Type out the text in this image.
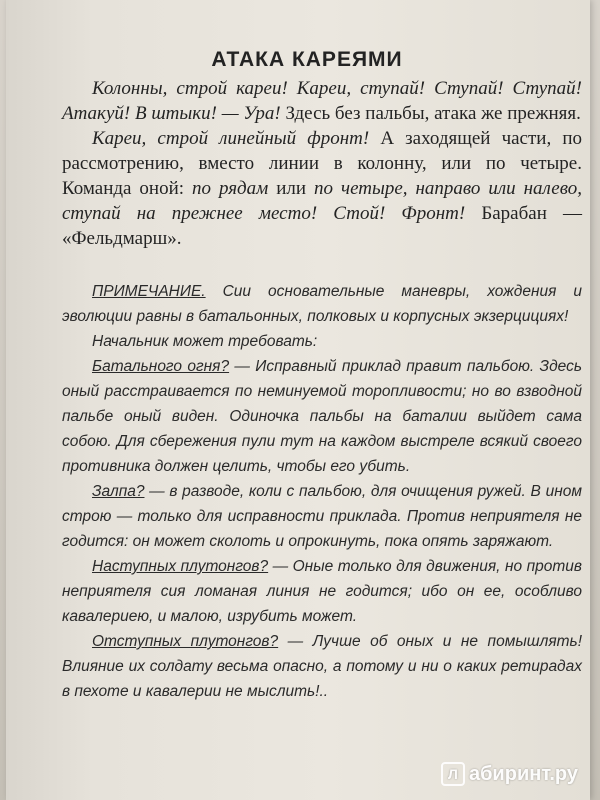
АТАКА КАРЕЯМИ

Колонны, строй кареи! Кареи, ступай! Ступай! Ступай! Атакуй! В штыки! — Ура! Здесь без пальбы, атака же прежняя.

Кареи, строй линейный фронт! А заходящей части, по рассмотрению, вместо линии в колонну, или по четыре. Команда оной: по рядам или по четыре, направо или налево, ступай на прежнее место! Стой! Фронт! Барабан — «Фельдмарш».

ПРИМЕЧАНИЕ. Сии основательные маневры, хождения и эволюции равны в батальонных, полковых и корпусных экзерцициях!

Начальник может требовать:

Батального огня? — Исправный приклад правит пальбою. Здесь оный расстраивается по неминуемой торопливости; но во взводной пальбе оный виден. Одиночка пальбы на баталии выйдет сама собою. Для сбережения пули тут на каждом выстреле всякий своего противника должен целить, чтобы его убить.

Залпа? — в разводе, коли с пальбою, для очищения ружей. В ином строю — только для исправности приклада. Против неприятеля не годится: он может сколоть и опрокинуть, пока опять заряжают.

Наступных плутонгов? — Оные только для движения, но против неприятеля сия ломаная линия не годится; ибо он ее, особливо кавалериею, и малою, изрубить может.

Отступных плутонгов? — Лучше об оных и не помышлять! Влияние их солдату весьма опасно, а потому и ни о каких ретирадах в пехоте и кавалерии не мыслить!..

Л абиринт.ру
